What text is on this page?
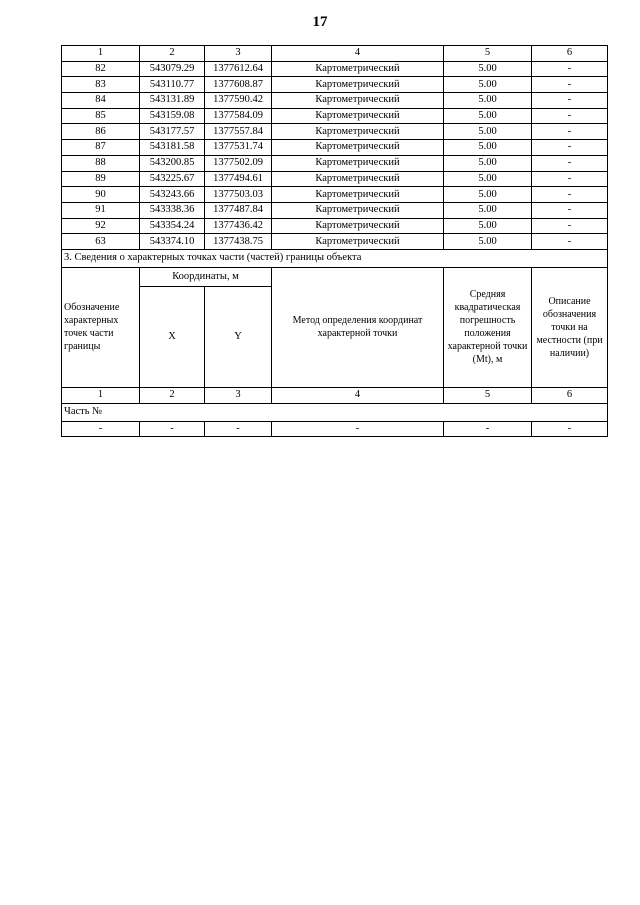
17
1	2	3	4	5	6
82	543079.29	1377612.64	Картометрический	5.00	-
83	543110.77	1377608.87	Картометрический	5.00	-
84	543131.89	1377590.42	Картометрический	5.00	-
85	543159.08	1377584.09	Картометрический	5.00	-
86	543177.57	1377557.84	Картометрический	5.00	-
87	543181.58	1377531.74	Картометрический	5.00	-
88	543200.85	1377502.09	Картометрический	5.00	-
89	543225.67	1377494.61	Картометрический	5.00	-
90	543243.66	1377503.03	Картометрический	5.00	-
91	543338.36	1377487.84	Картометрический	5.00	-
92	543354.24	1377436.42	Картометрический	5.00	-
63	543374.10	1377438.75	Картометрический	5.00	-
3. Сведения о характерных точках части (частей) границы объекта					

Обозначение характерных точек части границы	Координаты, м		Метод определения координат характерной точки	Средняя квадратическая погрешность положения характерной точки (Mt), м	Описание обозначения точки на местности (при наличии)
	X	Y			
1	2	3	4	5	6
Часть №					
-	-	-	-	-	-
